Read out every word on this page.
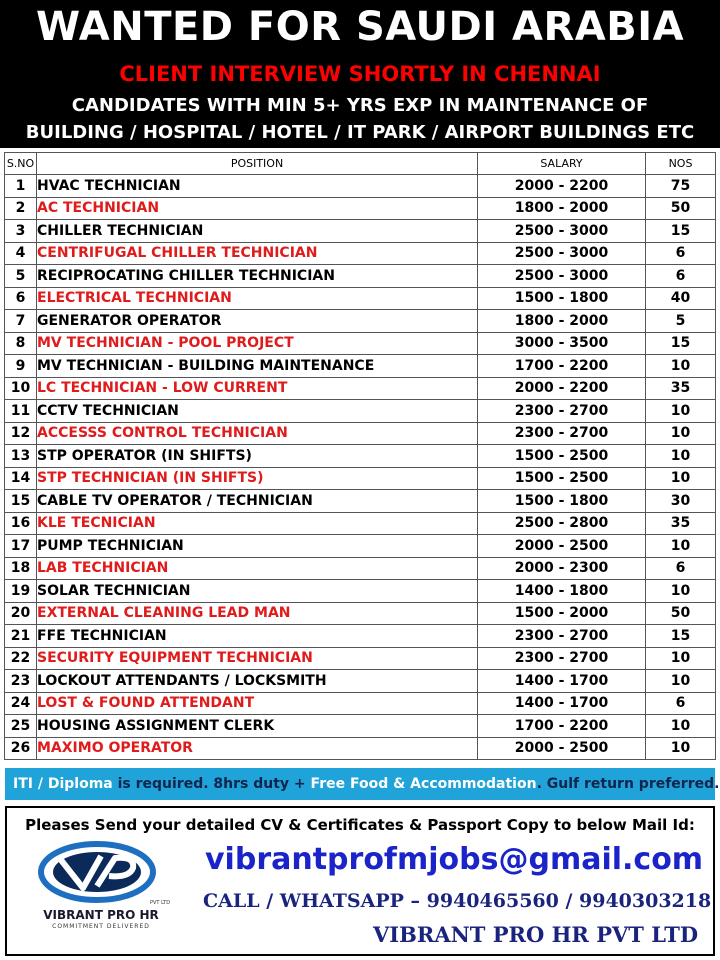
WANTED FOR SAUDI ARABIA
CLIENT INTERVIEW SHORTLY IN CHENNAI
CANDIDATES WITH MIN 5+ YRS EXP IN MAINTENANCE OF
BUILDING / HOSPITAL / HOTEL / IT PARK / AIRPORT BUILDINGS ETC
S.NO	POSITION	SALARY	NOS
1	HVAC TECHNICIAN	2000 - 2200	75
2	AC TECHNICIAN	1800 - 2000	50
3	CHILLER TECHNICIAN	2500 - 3000	15
4	CENTRIFUGAL CHILLER TECHNICIAN	2500 - 3000	6
5	RECIPROCATING CHILLER TECHNICIAN	2500 - 3000	6
6	ELECTRICAL TECHNICIAN	1500 - 1800	40
7	GENERATOR OPERATOR	1800 - 2000	5
8	MV TECHNICIAN - POOL PROJECT	3000 - 3500	15
9	MV TECHNICIAN - BUILDING MAINTENANCE	1700 - 2200	10
10	LC TECHNICIAN - LOW CURRENT	2000 - 2200	35
11	CCTV TECHNICIAN	2300 - 2700	10
12	ACCESSS CONTROL TECHNICIAN	2300 - 2700	10
13	STP OPERATOR (IN SHIFTS)	1500 - 2500	10
14	STP TECHNICIAN (IN SHIFTS)	1500 - 2500	10
15	CABLE TV OPERATOR / TECHNICIAN	1500 - 1800	30
16	KLE TECNICIAN	2500 - 2800	35
17	PUMP TECHNICIAN	2000 - 2500	10
18	LAB TECHNICIAN	2000 - 2300	6
19	SOLAR TECHNICIAN	1400 - 1800	10
20	EXTERNAL CLEANING LEAD MAN	1500 - 2000	50
21	FFE TECHNICIAN	2300 - 2700	15
22	SECURITY EQUIPMENT TECHNICIAN	2300 - 2700	10
23	LOCKOUT ATTENDANTS / LOCKSMITH	1400 - 1700	10
24	LOST & FOUND ATTENDANT	1400 - 1700	6
25	HOUSING ASSIGNMENT CLERK	1700 - 2200	10
26	MAXIMO OPERATOR	2000 - 2500	10
ITI / Diploma is required. 8hrs duty + Free Food & Accommodation. Gulf return preferred.
Pleases Send your detailed CV & Certificates & Passport Copy to below Mail Id:
PVT LTD
VIBRANT PRO HR
COMMITMENT DELIVERED
vibrantprofmjobs@gmail.com
CALL / WHATSAPP – 9940465560 / 9940303218
VIBRANT PRO HR PVT LTD
